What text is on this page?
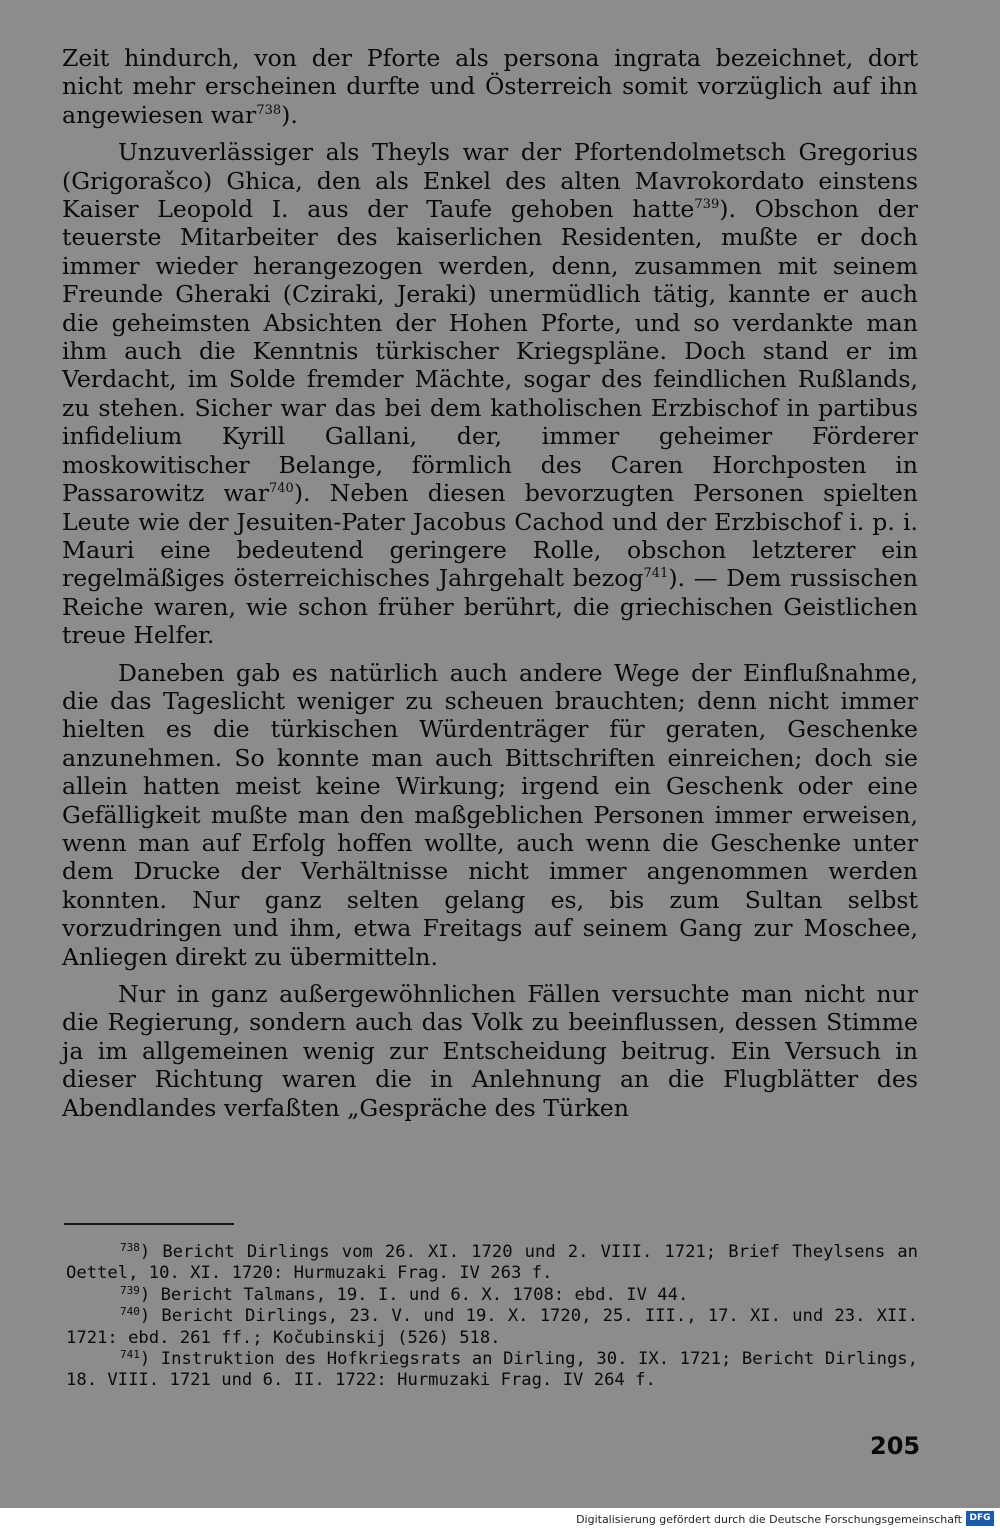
Zeit hindurch, von der Pforte als persona ingrata bezeichnet, dort nicht mehr erscheinen durfte und Österreich somit vorzüglich auf ihn angewiesen war$^{738}$).

Unzuverlässiger als Theyls war der Pfortendolmetsch Gregorius (Grigorašco) Ghica, den als Enkel des alten Mavrokordato einstens Kaiser Leopold I. aus der Taufe gehoben hatte$^{739}$). Obschon der teuerste Mitarbeiter des kaiserlichen Residenten, mußte er doch immer wieder herangezogen werden, denn, zusammen mit seinem Freunde Gheraki (Cziraki, Jeraki) unermüdlich tätig, kannte er auch die geheimsten Absichten der Hohen Pforte, und so verdankte man ihm auch die Kenntnis türkischer Kriegspläne. Doch stand er im Verdacht, im Solde fremder Mächte, sogar des feindlichen Rußlands, zu stehen. Sicher war das bei dem katholischen Erzbischof in partibus infidelium Kyrill Gallani, der, immer geheimer Förderer moskowitischer Belange, förmlich des Caren Horchposten in Passarowitz war$^{740}$). Neben diesen bevorzugten Personen spielten Leute wie der Jesuiten-Pater Jacobus Cachod und der Erzbischof i. p. i. Mauri eine bedeutend geringere Rolle, obschon letzterer ein regelmäßiges österreichisches Jahrgehalt bezog$^{741}$). — Dem russischen Reiche waren, wie schon früher berührt, die griechischen Geistlichen treue Helfer.

Daneben gab es natürlich auch andere Wege der Einflußnahme, die das Tageslicht weniger zu scheuen brauchten; denn nicht immer hielten es die türkischen Würdenträger für geraten, Geschenke anzunehmen. So konnte man auch Bittschriften einreichen; doch sie allein hatten meist keine Wirkung; irgend ein Geschenk oder eine Gefälligkeit mußte man den maßgeblichen Personen immer erweisen, wenn man auf Erfolg hoffen wollte, auch wenn die Geschenke unter dem Drucke der Verhältnisse nicht immer angenommen werden konnten. Nur ganz selten gelang es, bis zum Sultan selbst vorzudringen und ihm, etwa Freitags auf seinem Gang zur Moschee, Anliegen direkt zu übermitteln.

Nur in ganz außergewöhnlichen Fällen versuchte man nicht nur die Regierung, sondern auch das Volk zu beeinflussen, dessen Stimme ja im allgemeinen wenig zur Entscheidung beitrug. Ein Versuch in dieser Richtung waren die in Anlehnung an die Flugblätter des Abendlandes verfaßten „Gespräche des Türken

$^{738}$) Bericht Dirlings vom 26. XI. 1720 und 2. VIII. 1721; Brief Theylsens an Oettel, 10. XI. 1720: Hurmuzaki Frag. IV 263 f.

$^{739}$) Bericht Talmans, 19. I. und 6. X. 1708: ebd. IV 44.

$^{740}$) Bericht Dirlings, 23. V. und 19. X. 1720, 25. III., 17. XI. und 23. XII. 1721: ebd. 261 ff.; Kočubinskij (526) 518.

$^{741}$) Instruktion des Hofkriegsrats an Dirling, 30. IX. 1721; Bericht Dirlings, 18. VIII. 1721 und 6. II. 1722: Hurmuzaki Frag. IV 264 f.

205
Digitalisierung gefördert durch die Deutsche Forschungsgemeinschaft DFG
